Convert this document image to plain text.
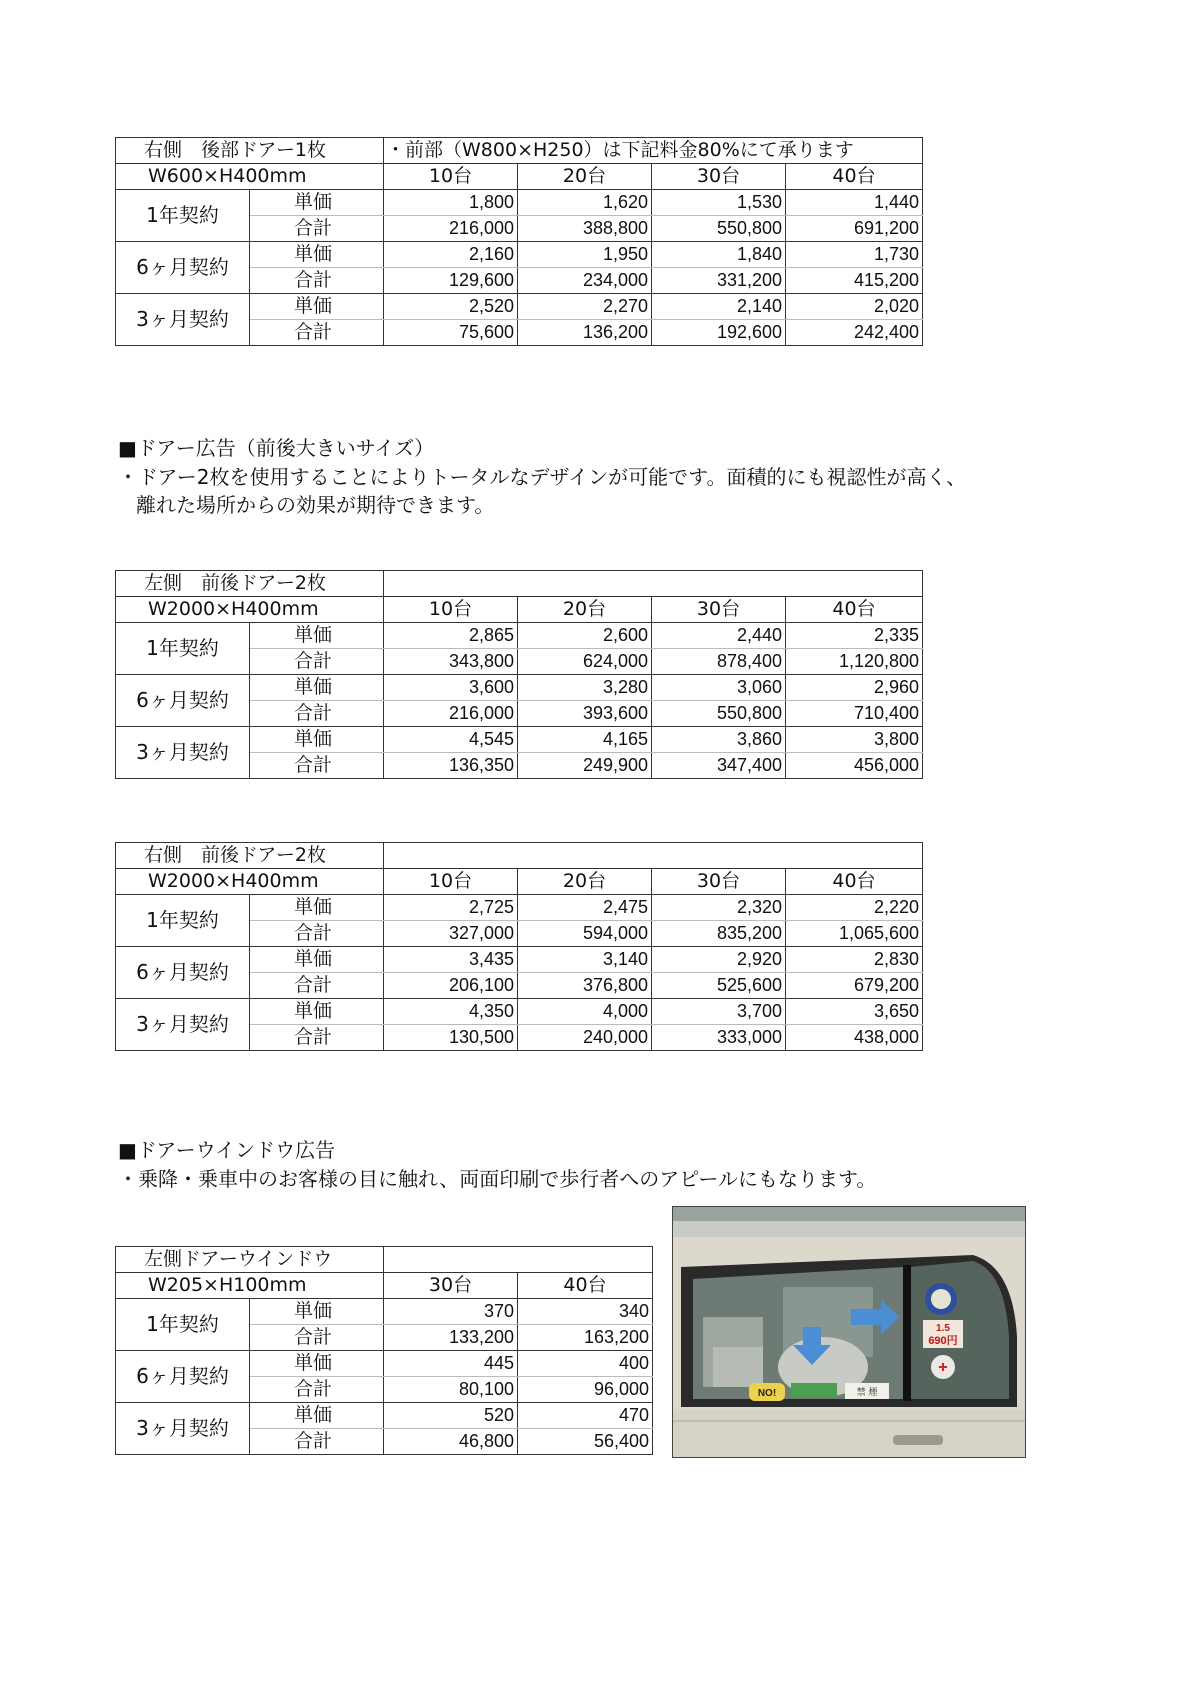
右側　後部ドアー1枚		・前部（W800×H250）は下記料金80%にて承ります			
W600×H400mm		10台	20台	30台	40台
1年契約	単価	1,800	1,620	1,530	1,440
	合計	216,000	388,800	550,800	691,200
6ヶ月契約	単価	2,160	1,950	1,840	1,730
	合計	129,600	234,000	331,200	415,200
3ヶ月契約	単価	2,520	2,270	2,140	2,020
	合計	75,600	136,200	192,600	242,400
■ドアー広告（前後大きいサイズ）
・ドアー2枚を使用することによりトータルなデザインが可能です。面積的にも視認性が高く、
離れた場所からの効果が期待できます。
左側　前後ドアー2枚					
W2000×H400mm		10台	20台	30台	40台
1年契約	単価	2,865	2,600	2,440	2,335
	合計	343,800	624,000	878,400	1,120,800
6ヶ月契約	単価	3,600	3,280	3,060	2,960
	合計	216,000	393,600	550,800	710,400
3ヶ月契約	単価	4,545	4,165	3,860	3,800
	合計	136,350	249,900	347,400	456,000
右側　前後ドアー2枚					
W2000×H400mm		10台	20台	30台	40台
1年契約	単価	2,725	2,475	2,320	2,220
	合計	327,000	594,000	835,200	1,065,600
6ヶ月契約	単価	3,435	3,140	2,920	2,830
	合計	206,100	376,800	525,600	679,200
3ヶ月契約	単価	4,350	4,000	3,700	3,650
	合計	130,500	240,000	333,000	438,000
■ドアーウインドウ広告
・乗降・乗車中のお客様の目に触れ、両面印刷で歩行者へのアピールにもなります。
左側ドアーウインドウ			
W205×H100mm		30台	40台
1年契約	単価	370	340
	合計	133,200	163,200
6ヶ月契約	単価	445	400
	合計	80,100	96,000
3ヶ月契約	単価	520	470
	合計	46,800	56,400
1.5
690円
NO!	禁 煙
